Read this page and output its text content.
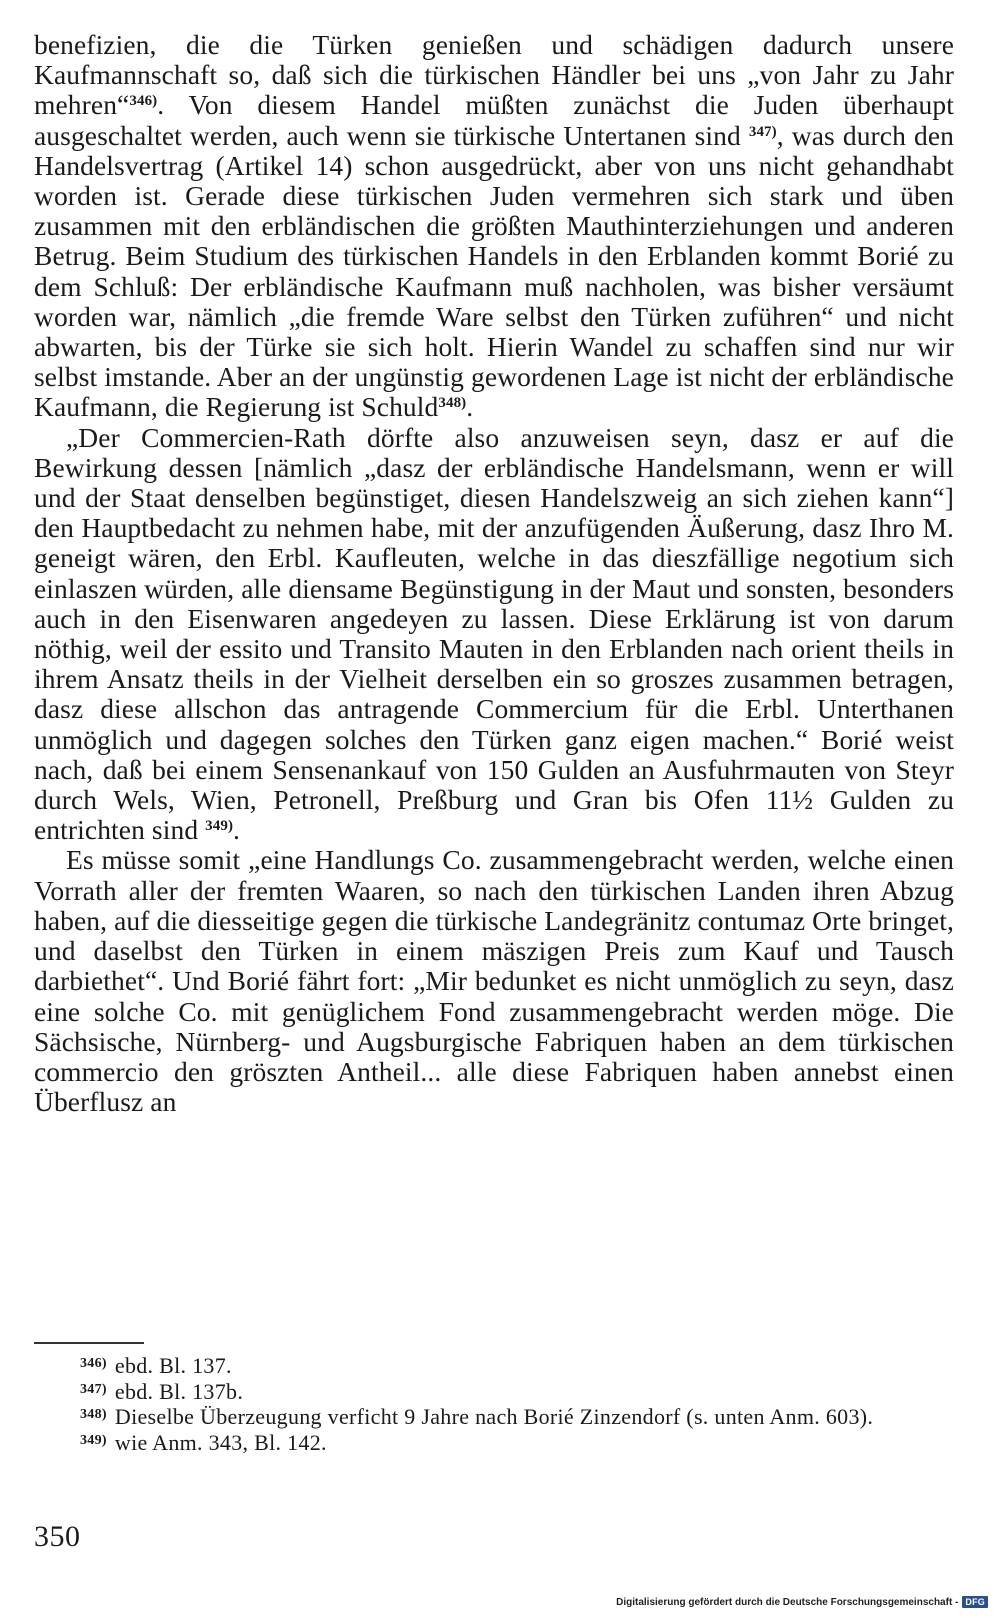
benefizien, die die Türken genießen und schädigen dadurch unsere Kaufmannschaft so, daß sich die türkischen Händler bei uns „von Jahr zu Jahr mehren“$^{346)}$. Von diesem Handel müßten zunächst die Juden überhaupt ausgeschaltet werden, auch wenn sie türkische Untertanen sind $^{347)}$, was durch den Handelsvertrag (Artikel 14) schon ausgedrückt, aber von uns nicht gehandhabt worden ist. Gerade diese türkischen Juden vermehren sich stark und üben zusammen mit den erbländischen die größten Mauthinterziehungen und anderen Betrug. Beim Studium des türkischen Handels in den Erblanden kommt Borié zu dem Schluß: Der erbländische Kaufmann muß nachholen, was bisher versäumt worden war, nämlich „die fremde Ware selbst den Türken zuführen“ und nicht abwarten, bis der Türke sie sich holt. Hierin Wandel zu schaffen sind nur wir selbst imstande. Aber an der ungünstig gewordenen Lage ist nicht der erbländische Kaufmann, die Regierung ist Schuld$^{348)}$.

„Der Commercien-Rath dörfte also anzuweisen seyn, dasz er auf die Bewirkung dessen [nämlich „dasz der erbländische Handelsmann, wenn er will und der Staat denselben begünstiget, diesen Handelszweig an sich ziehen kann“] den Hauptbedacht zu nehmen habe, mit der anzufügenden Äußerung, dasz Ihro M. geneigt wären, den Erbl. Kaufleuten, welche in das dieszfällige negotium sich einlaszen würden, alle diensame Begünstigung in der Maut und sonsten, besonders auch in den Eisenwaren angedeyen zu lassen. Diese Erklärung ist von darum nöthig, weil der essito und Transito Mauten in den Erblanden nach orient theils in ihrem Ansatz theils in der Vielheit derselben ein so groszes zusammen betragen, dasz diese allschon das antragende Commercium für die Erbl. Unterthanen unmöglich und dagegen solches den Türken ganz eigen machen.“ Borié weist nach, daß bei einem Sensenankauf von 150 Gulden an Ausfuhrmauten von Steyr durch Wels, Wien, Petronell, Preßburg und Gran bis Ofen 11½ Gulden zu entrichten sind $^{349)}$.

Es müsse somit „eine Handlungs Co. zusammengebracht werden, welche einen Vorrath aller der fremten Waaren, so nach den türkischen Landen ihren Abzug haben, auf die diesseitige gegen die türkische Landegränitz contumaz Orte bringet, und daselbst den Türken in einem mäszigen Preis zum Kauf und Tausch darbiethet“. Und Borié fährt fort: „Mir bedunket es nicht unmöglich zu seyn, dasz eine solche Co. mit genüglichem Fond zusammengebracht werden möge. Die Sächsische, Nürnberg- und Augsburgische Fabriquen haben an dem türkischen commercio den gröszten Antheil... alle diese Fabriquen haben annebst einen Überflusz an

346) ebd. Bl. 137.
347) ebd. Bl. 137b.
348) Dieselbe Überzeugung verficht 9 Jahre nach Borié Zinzendorf (s. unten Anm. 603).
349) wie Anm. 343, Bl. 142.
350
Digitalisierung gefördert durch die Deutsche Forschungsgemeinschaft - DFG
